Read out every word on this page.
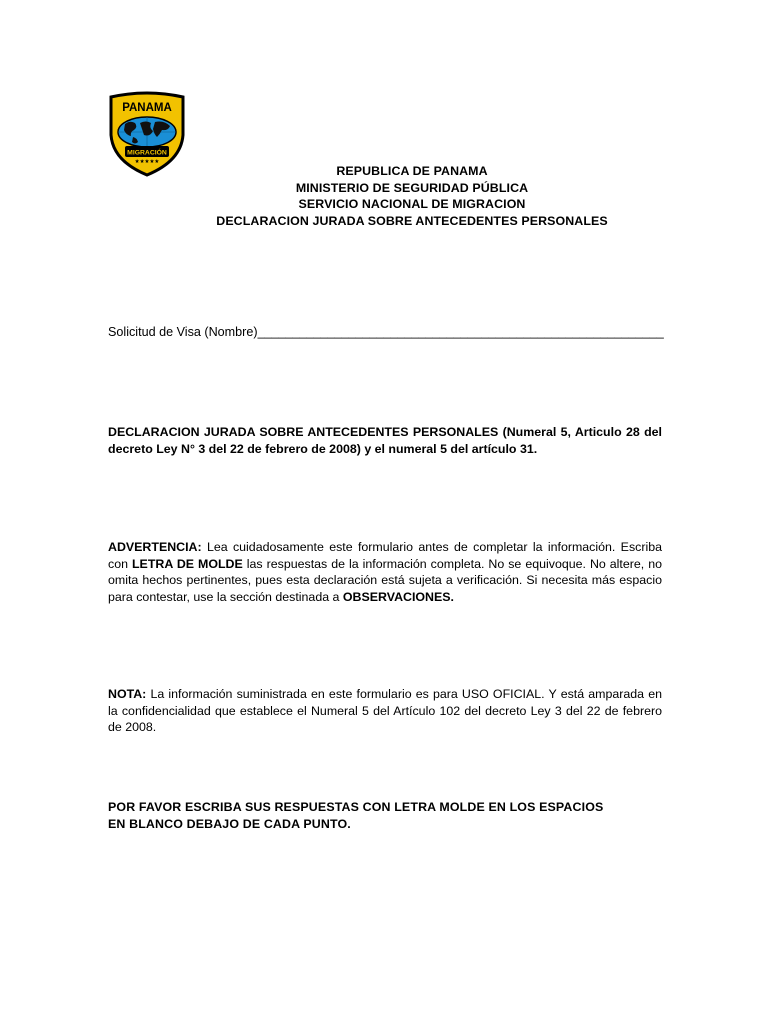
PANAMA
MIGRACIÓN
★★★★★
REPUBLICA DE PANAMA
MINISTERIO DE SEGURIDAD PÚBLICA
SERVICIO NACIONAL DE MIGRACION
DECLARACION JURADA SOBRE ANTECEDENTES PERSONALES
Solicitud de Visa (Nombre)__________________________________________________________
DECLARACION JURADA SOBRE ANTECEDENTES PERSONALES (Numeral 5, Articulo 28 del decreto Ley N° 3 del 22 de febrero de 2008) y el numeral 5 del artículo 31.
ADVERTENCIA: Lea cuidadosamente este formulario antes de completar la información. Escriba con LETRA DE MOLDE las respuestas de la información completa. No se equivoque. No altere, no omita hechos pertinentes, pues esta declaración está sujeta a verificación. Si necesita más espacio para contestar, use la sección destinada a OBSERVACIONES.
NOTA: La información suministrada en este formulario es para USO OFICIAL. Y está amparada en la confidencialidad que establece el Numeral 5 del Artículo 102 del decreto Ley 3 del 22 de febrero de 2008.
POR FAVOR ESCRIBA SUS RESPUESTAS CON LETRA MOLDE EN LOS ESPACIOS
EN BLANCO DEBAJO DE CADA PUNTO.
